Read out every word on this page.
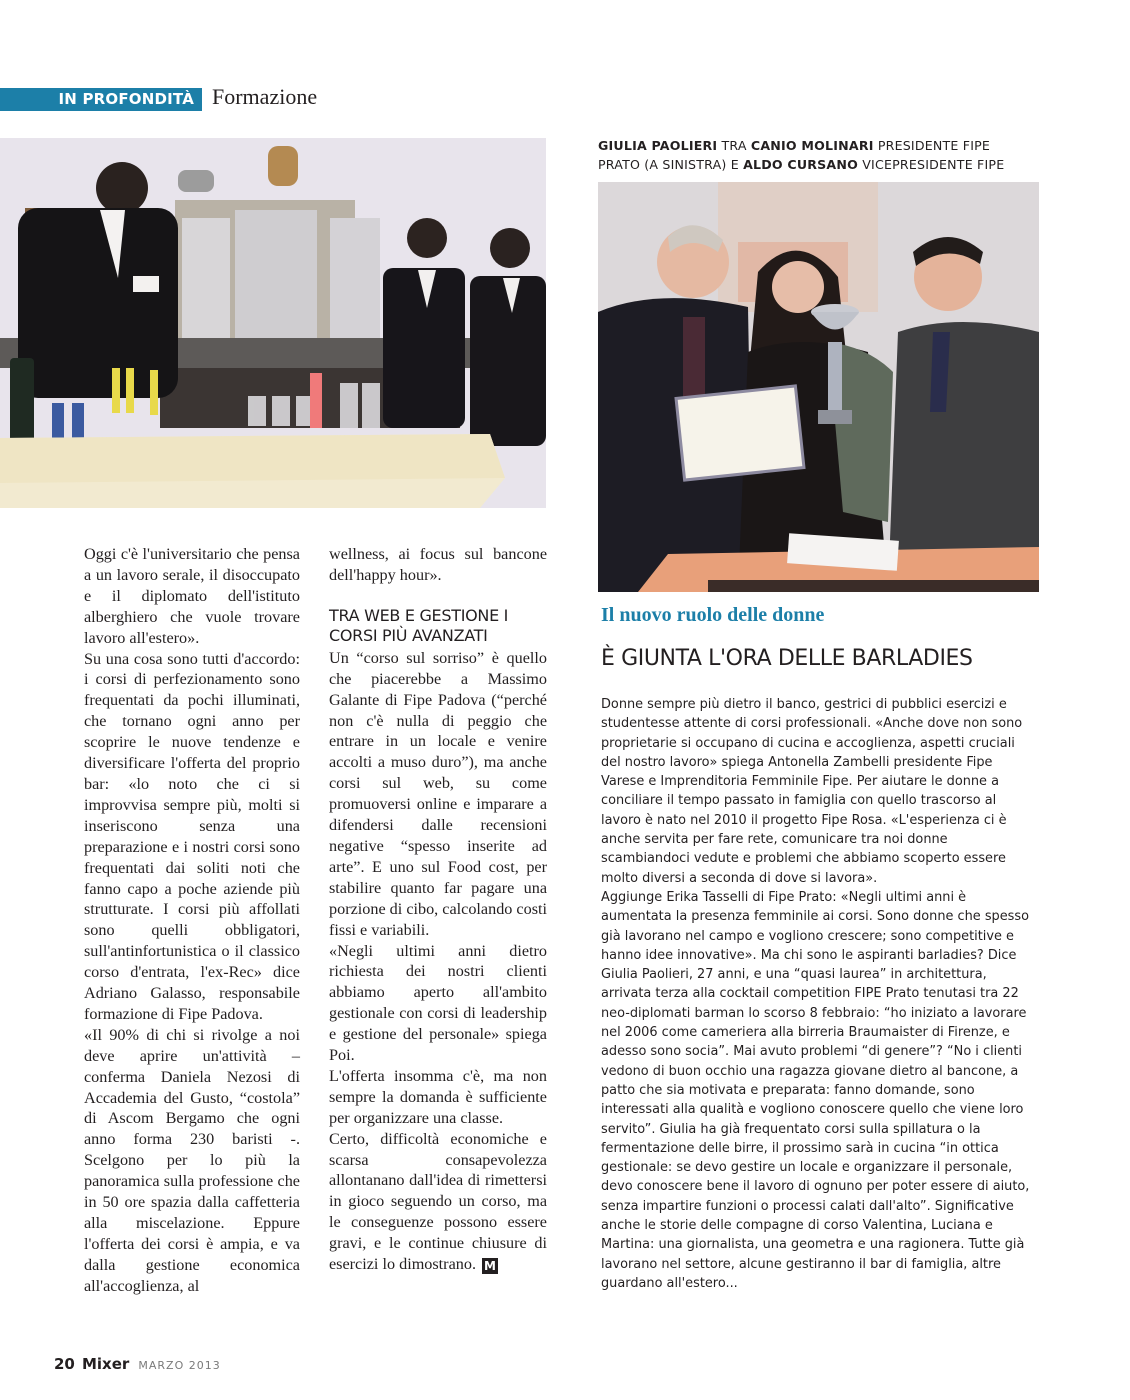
IN PROFONDITÀ Formazione
GIULIA PAOLIERI TRA CANIO MOLINARI PRESIDENTE FIPE PRATO (A SINISTRA) E ALDO CURSANO VICEPRESIDENTE FIPE

Oggi c'è l'universitario che pensa a un lavoro serale, il disoccupato e il diplomato dell'istituto alberghiero che vuole trovare lavoro all'estero».

Su una cosa sono tutti d'accordo: i corsi di perfezionamento sono frequentati da pochi illuminati, che tornano ogni anno per scoprire le nuove tendenze e diversificare l'offerta del proprio bar: «lo noto che ci si improvvisa sempre più, molti si inseriscono senza una preparazione e i nostri corsi sono frequentati dai soliti noti che fanno capo a poche aziende più strutturate. I corsi più affollati sono quelli obbligatori, sull'antinfortunistica o il classico corso d'entrata, l'ex-Rec» dice Adriano Galasso, responsabile formazione di Fipe Padova.

«Il 90% di chi si rivolge a noi deve aprire un'attività – conferma Daniela Nezosi di Accademia del Gusto, “costola” di Ascom Bergamo che ogni anno forma 230 baristi -. Scelgono per lo più la panoramica sulla professione che in 50 ore spazia dalla caffetteria alla miscelazione. Eppure l'offerta dei corsi è ampia, e va dalla gestione economica all'accoglienza, al

wellness, ai focus sul bancone dell'happy hour».

TRA WEB E GESTIONE I CORSI PIÙ AVANZATI

Un “corso sul sorriso” è quello che piacerebbe a Massimo Galante di Fipe Padova (“perché non c'è nulla di peggio che entrare in un locale e venire accolti a muso duro”), ma anche corsi sul web, su come promuoversi online e imparare a difendersi dalle recensioni negative “spesso inserite ad arte”. E uno sul Food cost, per stabilire quanto far pagare una porzione di cibo, calcolando costi fissi e variabili.

«Negli ultimi anni dietro richiesta dei nostri clienti abbiamo aperto all'ambito gestionale con corsi di leadership e gestione del personale» spiega Poi.

L'offerta insomma c'è, ma non sempre la domanda è sufficiente per organizzare una classe.

Certo, difficoltà economiche e scarsa consapevolezza allontanano dall'idea di rimettersi in gioco seguendo un corso, ma le conseguenze possono essere gravi, e le continue chiusure di esercizi lo dimostrano. M

Il nuovo ruolo delle donne
È GIUNTA L'ORA DELLE BARLADIES

Donne sempre più dietro il banco, gestrici di pubblici esercizi e studentesse attente di corsi professionali. «Anche dove non sono proprietarie si occupano di cucina e accoglienza, aspetti cruciali del nostro lavoro» spiega Antonella Zambelli presidente Fipe Varese e Imprenditoria Femminile Fipe. Per aiutare le donne a conciliare il tempo passato in famiglia con quello trascorso al lavoro è nato nel 2010 il progetto Fipe Rosa. «L'esperienza ci è anche servita per fare rete, comunicare tra noi donne scambiandoci vedute e problemi che abbiamo scoperto essere molto diversi a seconda di dove si lavora».

Aggiunge Erika Tasselli di Fipe Prato: «Negli ultimi anni è aumentata la presenza femminile ai corsi. Sono donne che spesso già lavorano nel campo e vogliono crescere; sono competitive e hanno idee innovative». Ma chi sono le aspiranti barladies? Dice Giulia Paolieri, 27 anni, e una “quasi laurea” in architettura, arrivata terza alla cocktail competition FIPE Prato tenutasi tra 22 neo-diplomati barman lo scorso 8 febbraio: “ho iniziato a lavorare nel 2006 come cameriera alla birreria Braumaister di Firenze, e adesso sono socia”. Mai avuto problemi “di genere”? “No i clienti vedono di buon occhio una ragazza giovane dietro al bancone, a patto che sia motivata e preparata: fanno domande, sono interessati alla qualità e vogliono conoscere quello che viene loro servito”. Giulia ha già frequentato corsi sulla spillatura o la fermentazione delle birre, il prossimo sarà in cucina “in ottica gestionale: se devo gestire un locale e organizzare il personale, devo conoscere bene il lavoro di ognuno per poter essere di aiuto, senza impartire funzioni o processi calati dall'alto”. Significative anche le storie delle compagne di corso Valentina, Luciana e Martina: una giornalista, una geometra e una ragionera. Tutte già lavorano nel settore, alcune gestiranno il bar di famiglia, altre guardano all'estero...

20 Mixer MARZO 2013
